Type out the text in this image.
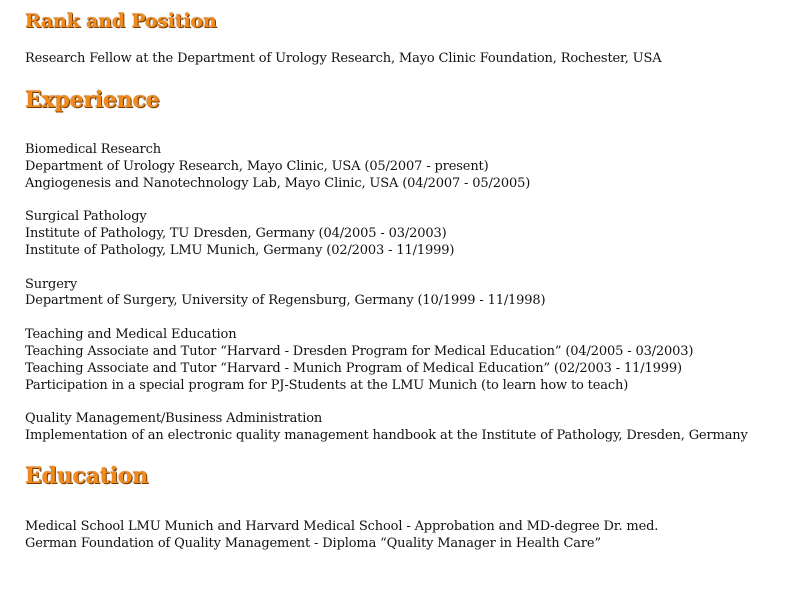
Rank and Position
Research Fellow at the Department of Urology Research, Mayo Clinic Foundation, Rochester, USA
Experience
Biomedical Research
Department of Urology Research, Mayo Clinic, USA (05/2007 - present)
Angiogenesis and Nanotechnology Lab, Mayo Clinic, USA (04/2007 - 05/2005)
Surgical Pathology
Institute of Pathology, TU Dresden, Germany (04/2005 - 03/2003)
Institute of Pathology, LMU Munich, Germany (02/2003 - 11/1999)
Surgery
Department of Surgery, University of Regensburg, Germany (10/1999 - 11/1998)
Teaching and Medical Education
Teaching Associate and Tutor “Harvard - Dresden Program for Medical Education” (04/2005 - 03/2003)
Teaching Associate and Tutor “Harvard - Munich Program of Medical Education” (02/2003 - 11/1999)
Participation in a special program for PJ-Students at the LMU Munich (to learn how to teach)
Quality Management/Business Administration
Implementation of an electronic quality management handbook at the Institute of Pathology, Dresden, Germany
Education
Medical School LMU Munich and Harvard Medical School - Approbation and MD-degree Dr. med.
German Foundation of Quality Management - Diploma “Quality Manager in Health Care”
